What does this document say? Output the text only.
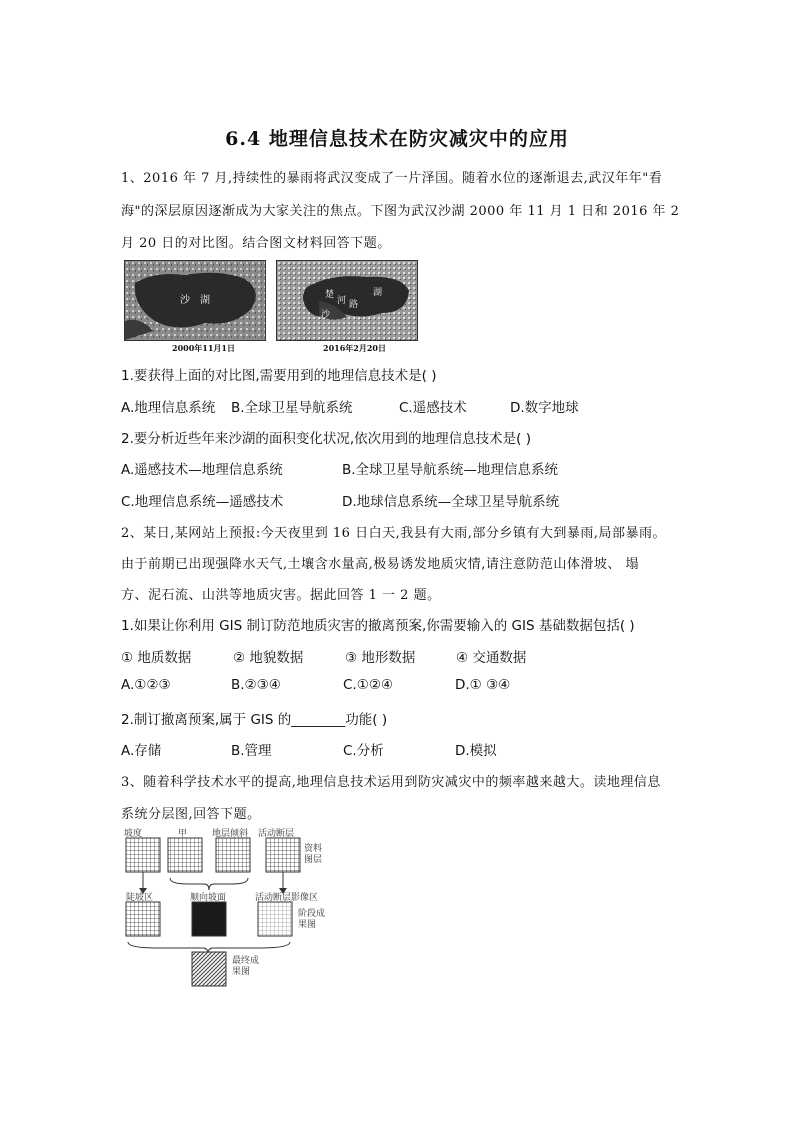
6.4 地理信息技术在防灾减灾中的应用
1、2016 年 7 月,持续性的暴雨将武汉变成了一片泽国。随着水位的逐渐退去,武汉年年"看
海"的深层原因逐渐成为大家关注的焦点。下图为武汉沙湖 2000 年 11 月 1 日和 2016 年 2
月 20 日的对比图。结合图文材料回答下题。
沙 湖	楚
河
湖
沙
路
2000年11月1日	2016年2月20日
1.要获得上面的对比图,需要用到的地理信息技术是( )
A.地理信息系统 B.全球卫星导航系统	C.遥感技术	D.数字地球
2.要分析近些年来沙湖的面积变化状况,依次用到的地理信息技术是( )
A.遥感技术—地理信息系统	B.全球卫星导航系统—地理信息系统
C.地理信息系统—遥感技术	D.地球信息系统—全球卫星导航系统
2、某日,某网站上预报:今天夜里到 16 日白天,我县有大雨,部分乡镇有大到暴雨,局部暴雨。
由于前期已出现强降水天气,土壤含水量高,极易诱发地质灾情,请注意防范山体滑坡、 塌
方、泥石流、山洪等地质灾害。据此回答 1 一 2 题。
1.如果让你利用 GIS 制订防范地质灾害的撤离预案,你需要输入的 GIS 基础数据包括( )
① 地质数据	② 地貌数据	③ 地形数据	④ 交通数据
A.①②③	B.②③④	C.①②④	D.① ③④
2.制订撤离预案,属于 GIS 的________功能( )
A.存储	B.管理	C.分析	D.模拟
3、随着科学技术水平的提高,地理信息技术运用到防灾减灾中的频率越来越大。读地理信息
系统分层图,回答下题。
坡度	甲	地层倾斜 活动断层
资料
图层
陡坡区	顺向坡面	活动断层影像区
阶段成
果图
最终成
果图
